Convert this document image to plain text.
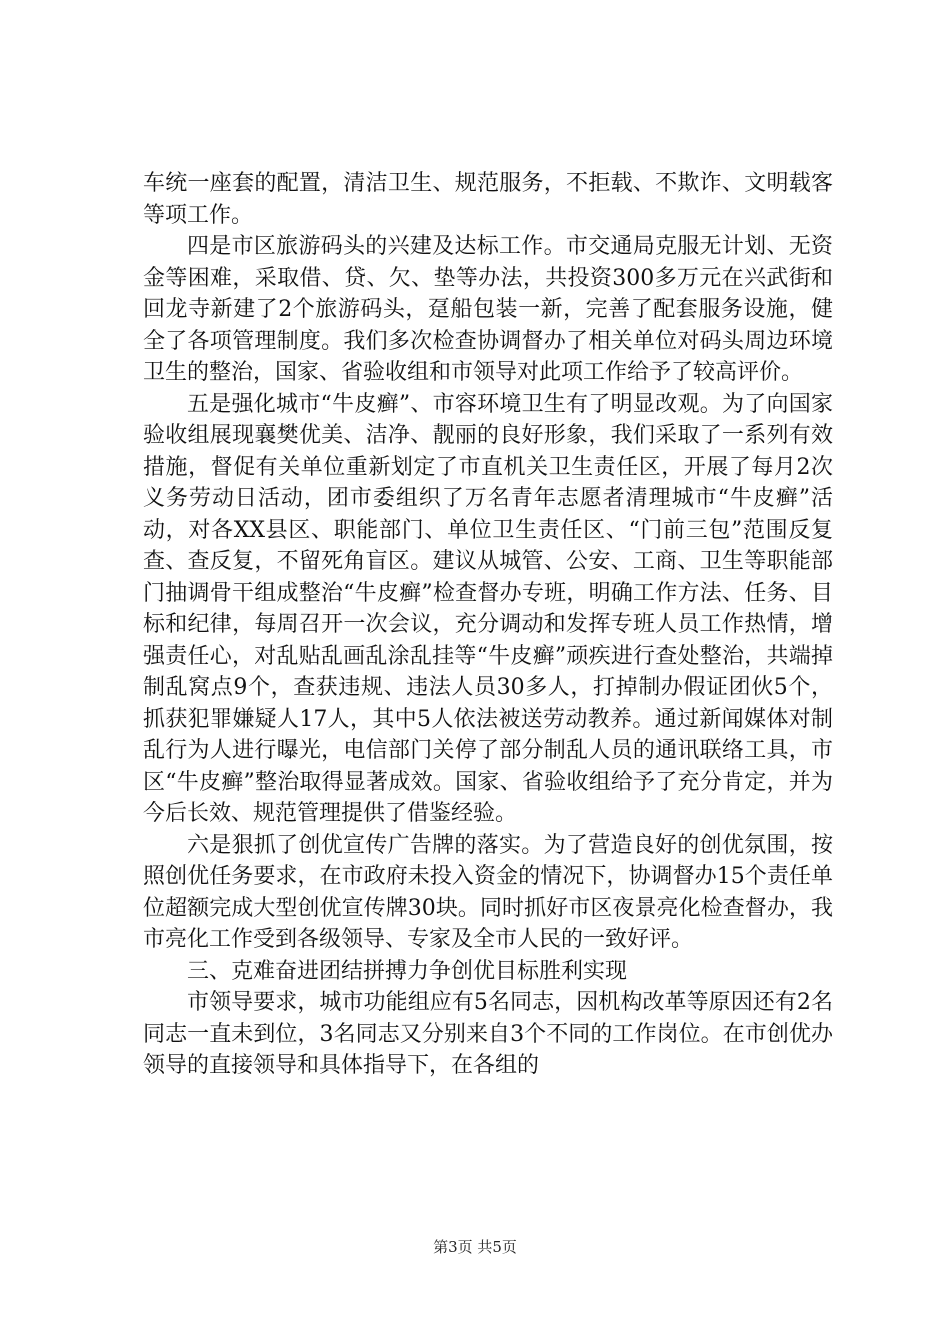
车统一座套的配置，清洁卫生、规范服务，不拒载、不欺诈、文明载客等项工作。

四是市区旅游码头的兴建及达标工作。市交通局克服无计划、无资金等困难，采取借、贷、欠、垫等办法，共投资300多万元在兴武街和回龙寺新建了2个旅游码头，趸船包装一新，完善了配套服务设施，健全了各项管理制度。我们多次检查协调督办了相关单位对码头周边环境卫生的整治，国家、省验收组和市领导对此项工作给予了较高评价。

五是强化城市“牛皮癣”、市容环境卫生有了明显改观。为了向国家验收组展现襄樊优美、洁净、靓丽的良好形象，我们采取了一系列有效措施，督促有关单位重新划定了市直机关卫生责任区，开展了每月2次义务劳动日活动，团市委组织了万名青年志愿者清理城市“牛皮癣”活动，对各XX县区、职能部门、单位卫生责任区、“门前三包”范围反复查、查反复，不留死角盲区。建议从城管、公安、工商、卫生等职能部门抽调骨干组成整治“牛皮癣”检查督办专班，明确工作方法、任务、目标和纪律，每周召开一次会议，充分调动和发挥专班人员工作热情，增强责任心，对乱贴乱画乱涂乱挂等“牛皮癣”顽疾进行查处整治，共端掉制乱窝点9个，查获违规、违法人员30多人，打掉制办假证团伙5个，抓获犯罪嫌疑人17人，其中5人依法被送劳动教养。通过新闻媒体对制乱行为人进行曝光，电信部门关停了部分制乱人员的通讯联络工具，市区“牛皮癣”整治取得显著成效。国家、省验收组给予了充分肯定，并为今后长效、规范管理提供了借鉴经验。

六是狠抓了创优宣传广告牌的落实。为了营造良好的创优氛围，按照创优任务要求，在市政府未投入资金的情况下，协调督办15个责任单位超额完成大型创优宣传牌30块。同时抓好市区夜景亮化检查督办，我市亮化工作受到各级领导、专家及全市人民的一致好评。

三、克难奋进团结拼搏力争创优目标胜利实现

市领导要求，城市功能组应有5名同志，因机构改革等原因还有2名同志一直未到位，3名同志又分别来自3个不同的工作岗位。在市创优办领导的直接领导和具体指导下，在各组的

第3页 共5页
